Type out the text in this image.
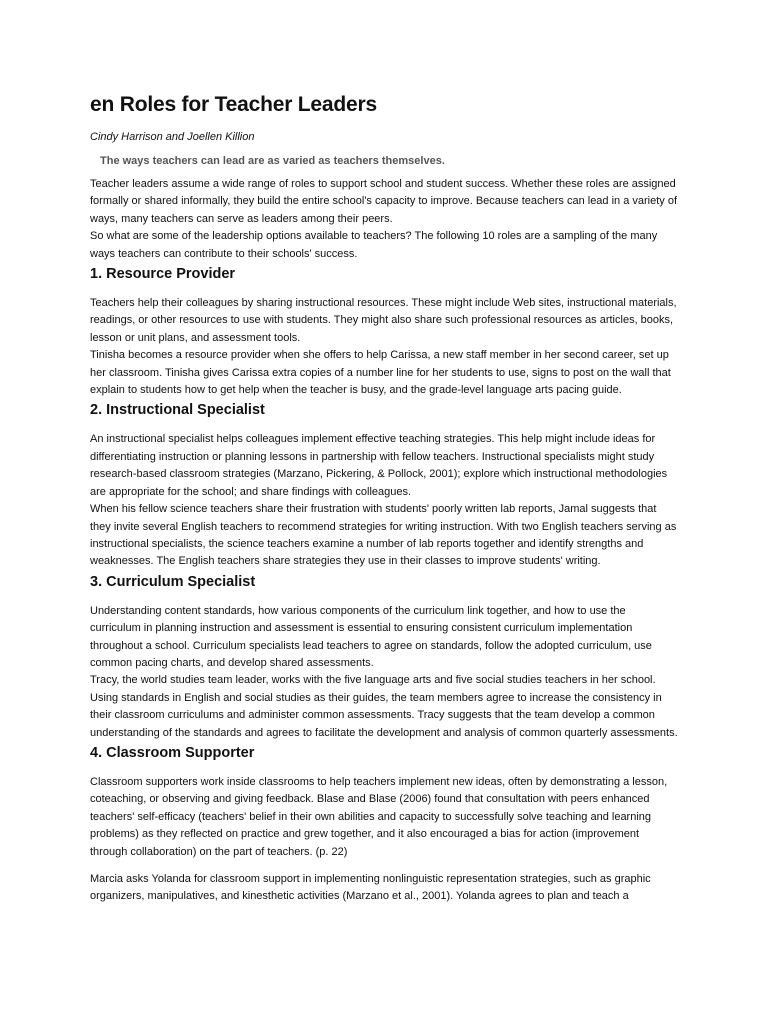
en Roles for Teacher Leaders

Cindy Harrison and Joellen Killion

The ways teachers can lead are as varied as teachers themselves.

Teacher leaders assume a wide range of roles to support school and student success. Whether these roles are assigned formally or shared informally, they build the entire school's capacity to improve. Because teachers can lead in a variety of ways, many teachers can serve as leaders among their peers.

So what are some of the leadership options available to teachers? The following 10 roles are a sampling of the many ways teachers can contribute to their schools' success.

1. Resource Provider

Teachers help their colleagues by sharing instructional resources. These might include Web sites, instructional materials, readings, or other resources to use with students. They might also share such professional resources as articles, books, lesson or unit plans, and assessment tools.

Tinisha becomes a resource provider when she offers to help Carissa, a new staff member in her second career, set up her classroom. Tinisha gives Carissa extra copies of a number line for her students to use, signs to post on the wall that explain to students how to get help when the teacher is busy, and the grade-level language arts pacing guide.

2. Instructional Specialist

An instructional specialist helps colleagues implement effective teaching strategies. This help might include ideas for differentiating instruction or planning lessons in partnership with fellow teachers. Instructional specialists might study research-based classroom strategies (Marzano, Pickering, & Pollock, 2001); explore which instructional methodologies are appropriate for the school; and share findings with colleagues.

When his fellow science teachers share their frustration with students' poorly written lab reports, Jamal suggests that they invite several English teachers to recommend strategies for writing instruction. With two English teachers serving as instructional specialists, the science teachers examine a number of lab reports together and identify strengths and weaknesses. The English teachers share strategies they use in their classes to improve students' writing.

3. Curriculum Specialist

Understanding content standards, how various components of the curriculum link together, and how to use the curriculum in planning instruction and assessment is essential to ensuring consistent curriculum implementation throughout a school. Curriculum specialists lead teachers to agree on standards, follow the adopted curriculum, use common pacing charts, and develop shared assessments.

Tracy, the world studies team leader, works with the five language arts and five social studies teachers in her school. Using standards in English and social studies as their guides, the team members agree to increase the consistency in their classroom curriculums and administer common assessments. Tracy suggests that the team develop a common understanding of the standards and agrees to facilitate the development and analysis of common quarterly assessments.

4. Classroom Supporter

Classroom supporters work inside classrooms to help teachers implement new ideas, often by demonstrating a lesson, coteaching, or observing and giving feedback. Blase and Blase (2006) found that consultation with peers enhanced teachers' self-efficacy (teachers' belief in their own abilities and capacity to successfully solve teaching and learning problems) as they reflected on practice and grew together, and it also encouraged a bias for action (improvement through collaboration) on the part of teachers. (p. 22)

Marcia asks Yolanda for classroom support in implementing nonlinguistic representation strategies, such as graphic organizers, manipulatives, and kinesthetic activities (Marzano et al., 2001). Yolanda agrees to plan and teach a
